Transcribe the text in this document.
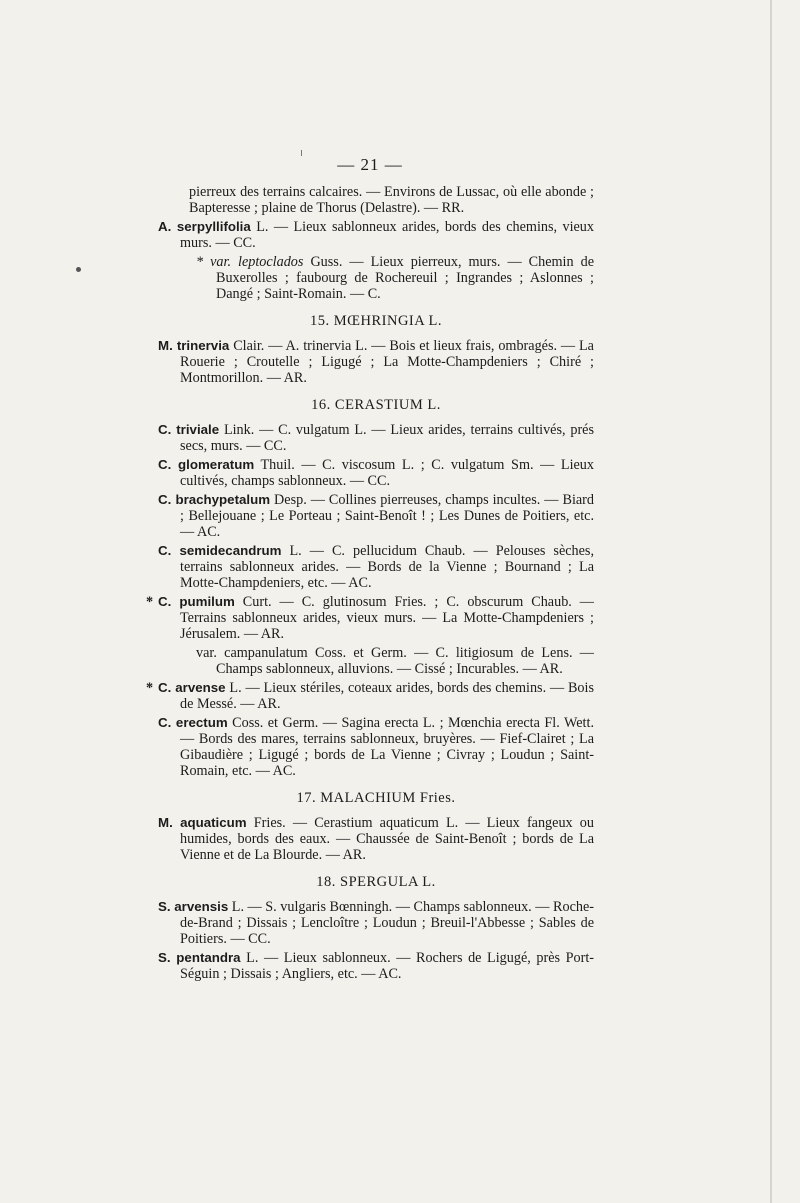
— 21 —
pierreux des terrains calcaires. — Environs de Lussac, où elle abonde ; Bapteresse ; plaine de Thorus (Delastre). — RR.
A. serpyllifolia L. — Lieux sablonneux arides, bords des chemins, vieux murs. — CC.
* var. leptoclados Guss. — Lieux pierreux, murs. — Chemin de Buxerolles ; faubourg de Rochereuil ; Ingrandes ; Aslonnes ; Dangé ; Saint-Romain. — C.
15. MŒHRINGIA L.
M. trinervia Clair. — A. trinervia L. — Bois et lieux frais, ombragés. — La Rouerie ; Croutelle ; Ligugé ; La Motte-Champdeniers ; Chiré ; Montmorillon. — AR.
16. CERASTIUM L.
C. triviale Link. — C. vulgatum L. — Lieux arides, terrains cultivés, prés secs, murs. — CC.
C. glomeratum Thuil. — C. viscosum L. ; C. vulgatum Sm. — Lieux cultivés, champs sablonneux. — CC.
C. brachypetalum Desp. — Collines pierreuses, champs incultes. — Biard ; Bellejouane ; Le Porteau ; Saint-Benoît ! ; Les Dunes de Poitiers, etc. — AC.
C. semidecandrum L. — C. pellucidum Chaub. — Pelouses sèches, terrains sablonneux arides. — Bords de la Vienne ; Bournand ; La Motte-Champdeniers, etc. — AC.
* C. pumilum Curt. — C. glutinosum Fries. ; C. obscurum Chaub. — Terrains sablonneux arides, vieux murs. — La Motte-Champdeniers ; Jérusalem. — AR.
var. campanulatum Coss. et Germ. — C. litigiosum de Lens. — Champs sablonneux, alluvions. — Cissé ; Incurables. — AR.
* C. arvense L. — Lieux stériles, coteaux arides, bords des chemins. — Bois de Messé. — AR.
C. erectum Coss. et Germ. — Sagina erecta L. ; Mœnchia erecta Fl. Wett. — Bords des mares, terrains sablonneux, bruyères. — Fief-Clairet ; La Gibaudière ; Ligugé ; bords de La Vienne ; Civray ; Loudun ; Saint-Romain, etc. — AC.
17. MALACHIUM Fries.
M. aquaticum Fries. — Cerastium aquaticum L. — Lieux fangeux ou humides, bords des eaux. — Chaussée de Saint-Benoît ; bords de La Vienne et de La Blourde. — AR.
18. SPERGULA L.
S. arvensis L. — S. vulgaris Bœnningh. — Champs sablonneux. — Roche-de-Brand ; Dissais ; Lencloître ; Loudun ; Breuil-l'Abbesse ; Sables de Poitiers. — CC.
S. pentandra L. — Lieux sablonneux. — Rochers de Ligugé, près Port-Séguin ; Dissais ; Angliers, etc. — AC.
